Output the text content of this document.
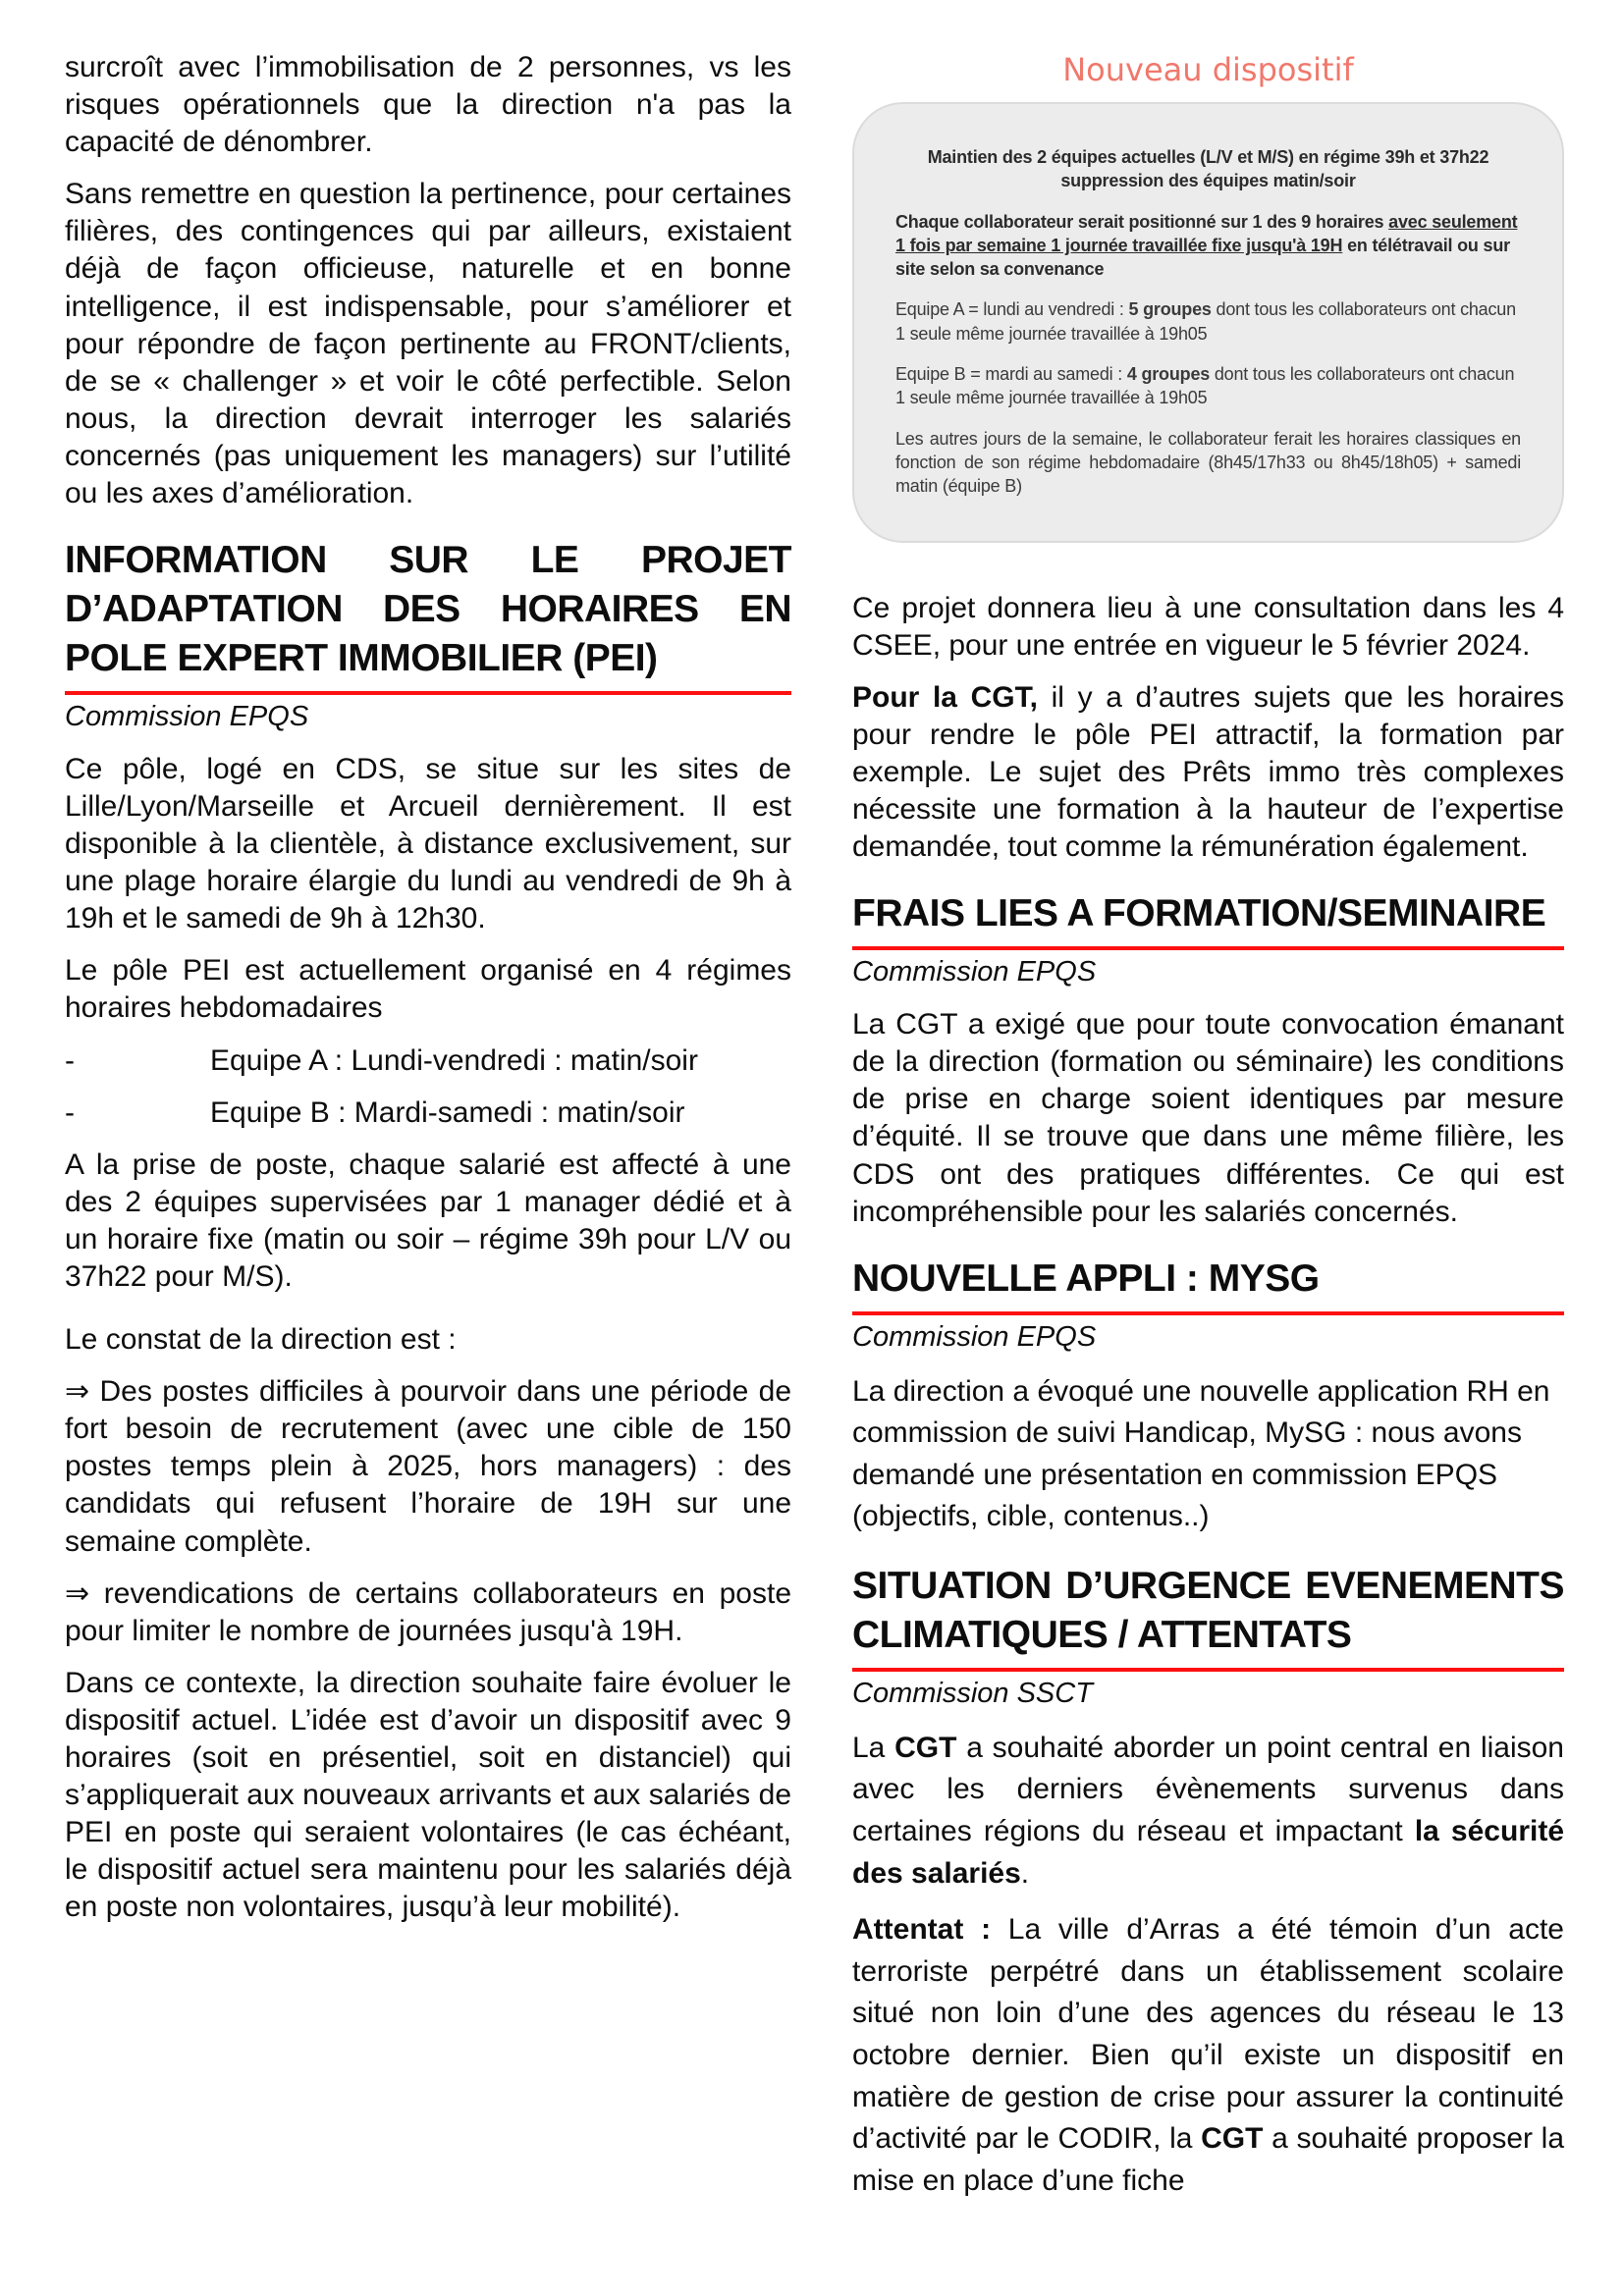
surcroît avec l’immobilisation de 2 personnes, vs les risques opérationnels que la direction n'a pas la capacité de dénombrer.

Sans remettre en question la pertinence, pour certaines filières, des contingences qui par ailleurs, existaient déjà de façon officieuse, naturelle et en bonne intelligence, il est indispensable, pour s’améliorer et pour répondre de façon pertinente au FRONT/clients, de se « challenger » et voir le côté perfectible. Selon nous, la direction devrait interroger les salariés concernés (pas uniquement les managers) sur l’utilité ou les axes d’amélioration.

INFORMATION SUR LE PROJET D’ADAPTATION DES HORAIRES EN POLE EXPERT IMMOBILIER (PEI)

Commission EPQS

Ce pôle, logé en CDS, se situe sur les sites de Lille/Lyon/Marseille et Arcueil dernièrement. Il est disponible à la clientèle, à distance exclusivement, sur une plage horaire élargie du lundi au vendredi de 9h à 19h et le samedi de 9h à 12h30.

Le pôle PEI est actuellement organisé en 4 régimes horaires hebdomadaires

-	Equipe A : Lundi-vendredi : matin/soir
-	Equipe B : Mardi-samedi : matin/soir

A la prise de poste, chaque salarié est affecté à une des 2 équipes supervisées par 1 manager dédié et à un horaire fixe (matin ou soir – régime 39h pour L/V ou 37h22 pour M/S).

Le constat de la direction est :

⇒ Des postes difficiles à pourvoir dans une période de fort besoin de recrutement (avec une cible de 150 postes temps plein à 2025, hors managers) : des candidats qui refusent l’horaire de 19H sur une semaine complète.

⇒ revendications de certains collaborateurs en poste pour limiter le nombre de journées jusqu'à 19H.

Dans ce contexte, la direction souhaite faire évoluer le dispositif actuel. L’idée est d’avoir un dispositif avec 9 horaires (soit en présentiel, soit en distanciel) qui s’appliquerait aux nouveaux arrivants et aux salariés de PEI en poste qui seraient volontaires (le cas échéant, le dispositif actuel sera maintenu pour les salariés déjà en poste non volontaires, jusqu’à leur mobilité).

Nouveau dispositif

Maintien des 2 équipes actuelles (L/V et M/S) en régime 39h et 37h22 suppression des équipes matin/soir

Chaque collaborateur serait positionné sur 1 des 9 horaires avec seulement 1 fois par semaine 1 journée travaillée fixe jusqu'à 19H en télétravail ou sur site selon sa convenance

Equipe A = lundi au vendredi : 5 groupes dont tous les collaborateurs ont chacun 1 seule même journée travaillée à 19h05

Equipe B = mardi au samedi : 4 groupes dont tous les collaborateurs ont chacun 1 seule même journée travaillée à 19h05

Les autres jours de la semaine, le collaborateur ferait les horaires classiques en fonction de son régime hebdomadaire (8h45/17h33 ou 8h45/18h05) + samedi matin (équipe B)

Ce projet donnera lieu à une consultation dans les 4 CSEE, pour une entrée en vigueur le 5 février 2024.

Pour la CGT, il y a d’autres sujets que les horaires pour rendre le pôle PEI attractif, la formation par exemple. Le sujet des Prêts immo très complexes nécessite une formation à la hauteur de l’expertise demandée, tout comme la rémunération également.

FRAIS LIES A FORMATION/SEMINAIRE

Commission EPQS

La CGT a exigé que pour toute convocation émanant de la direction (formation ou séminaire) les conditions de prise en charge soient identiques par mesure d’équité. Il se trouve que dans une même filière, les CDS ont des pratiques différentes. Ce qui est incompréhensible pour les salariés concernés.

NOUVELLE APPLI : MYSG

Commission EPQS

La direction a évoqué une nouvelle application RH en commission de suivi Handicap, MySG : nous avons demandé une présentation en commission EPQS (objectifs, cible, contenus..)

SITUATION D’URGENCE EVENEMENTS CLIMATIQUES / ATTENTATS

Commission SSCT

La CGT a souhaité aborder un point central en liaison avec les derniers évènements survenus dans certaines régions du réseau et impactant la sécurité des salariés.

Attentat : La ville d’Arras a été témoin d’un acte terroriste perpétré dans un établissement scolaire situé non loin d’une des agences du réseau le 13 octobre dernier. Bien qu’il existe un dispositif en matière de gestion de crise pour assurer la continuité d’activité par le CODIR, la CGT a souhaité proposer la mise en place d’une fiche
